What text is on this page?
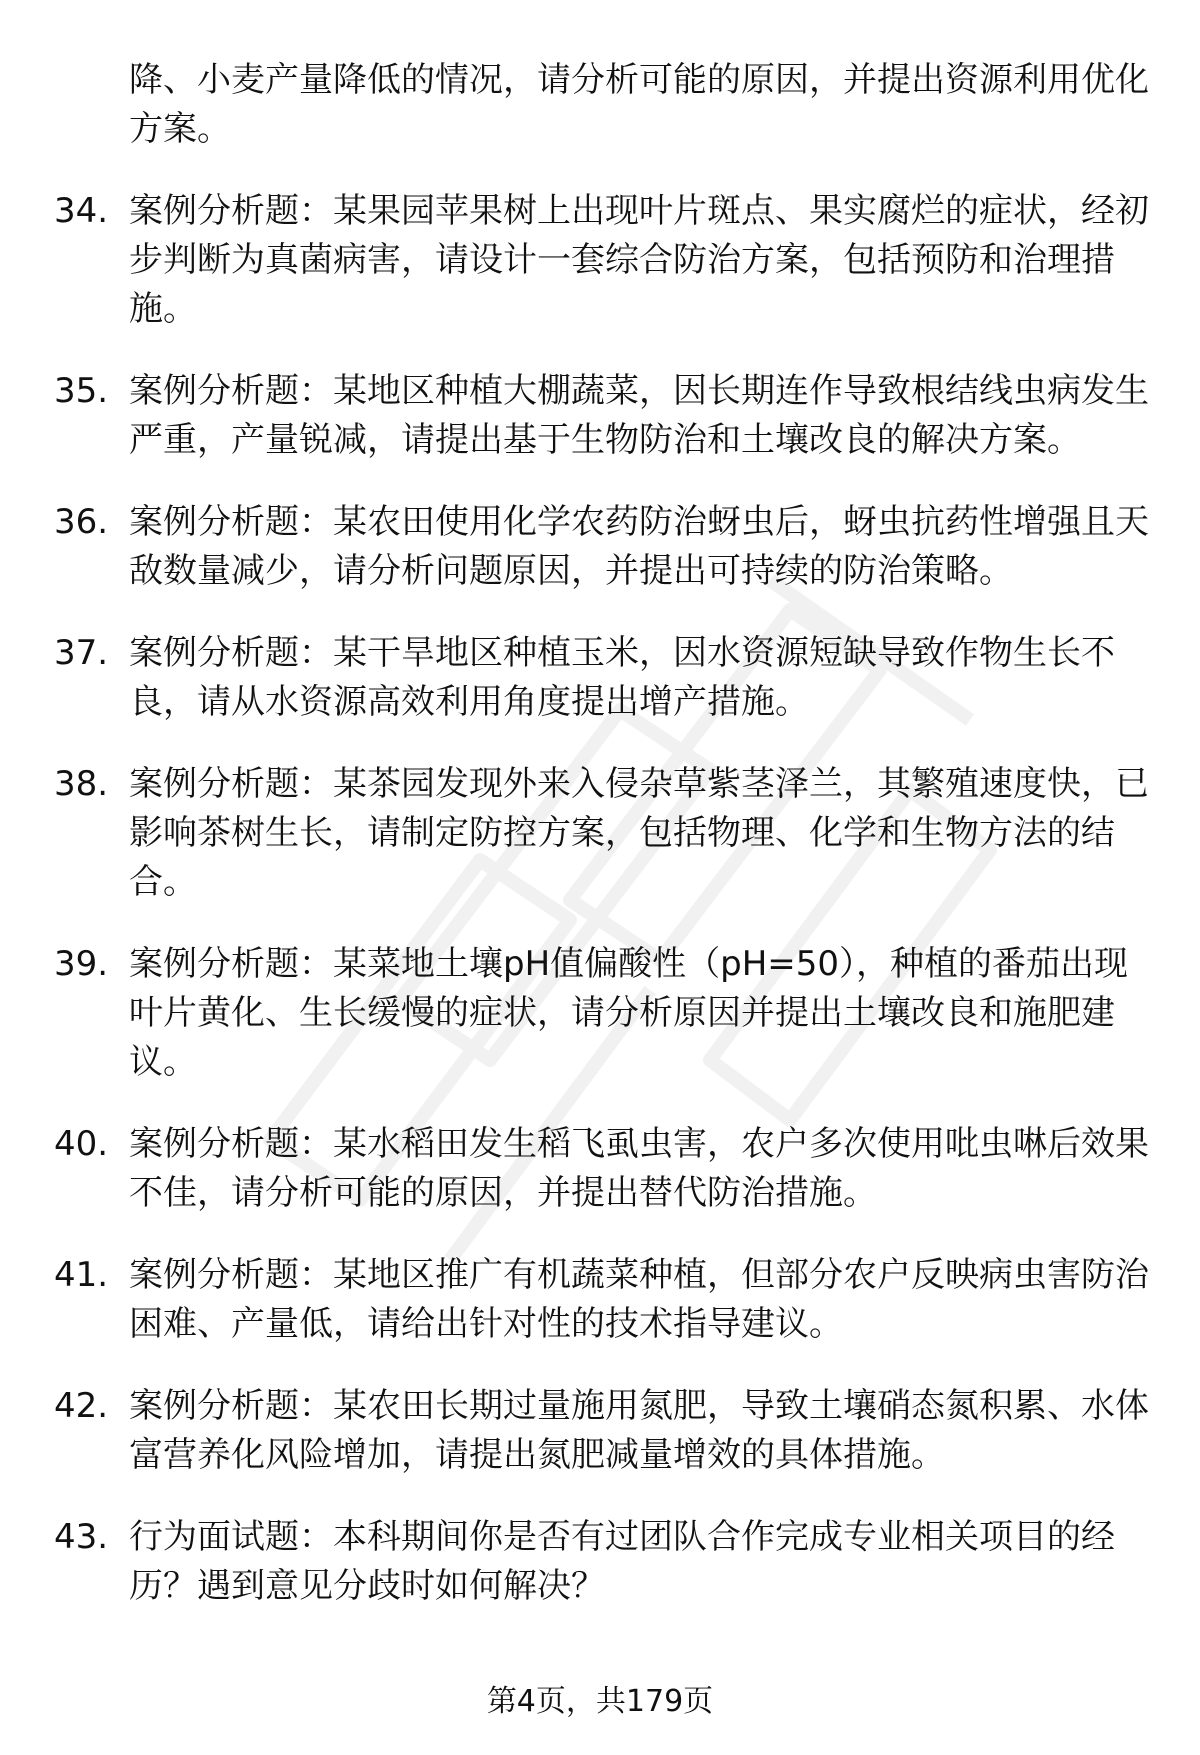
降、小麦产量降低的情况，请分析可能的原因，并提出资源利用优化方案。
34. 案例分析题：某果园苹果树上出现叶片斑点、果实腐烂的症状，经初步判断为真菌病害，请设计一套综合防治方案，包括预防和治理措施。
35. 案例分析题：某地区种植大棚蔬菜，因长期连作导致根结线虫病发生严重，产量锐减，请提出基于生物防治和土壤改良的解决方案。
36. 案例分析题：某农田使用化学农药防治蚜虫后，蚜虫抗药性增强且天敌数量减少，请分析问题原因，并提出可持续的防治策略。
37. 案例分析题：某干旱地区种植玉米，因水资源短缺导致作物生长不良，请从水资源高效利用角度提出增产措施。
38. 案例分析题：某茶园发现外来入侵杂草紫茎泽兰，其繁殖速度快，已影响茶树生长，请制定防控方案，包括物理、化学和生物方法的结合。
39. 案例分析题：某菜地土壤pH值偏酸性（pH=50），种植的番茄出现叶片黄化、生长缓慢的症状，请分析原因并提出土壤改良和施肥建议。
40. 案例分析题：某水稻田发生稻飞虱虫害，农户多次使用吡虫啉后效果不佳，请分析可能的原因，并提出替代防治措施。
41. 案例分析题：某地区推广有机蔬菜种植，但部分农户反映病虫害防治困难、产量低，请给出针对性的技术指导建议。
42. 案例分析题：某农田长期过量施用氮肥，导致土壤硝态氮积累、水体富营养化风险增加，请提出氮肥减量增效的具体措施。
43. 行为面试题：本科期间你是否有过团队合作完成专业相关项目的经历？遇到意见分歧时如何解决？
第4页，共179页
